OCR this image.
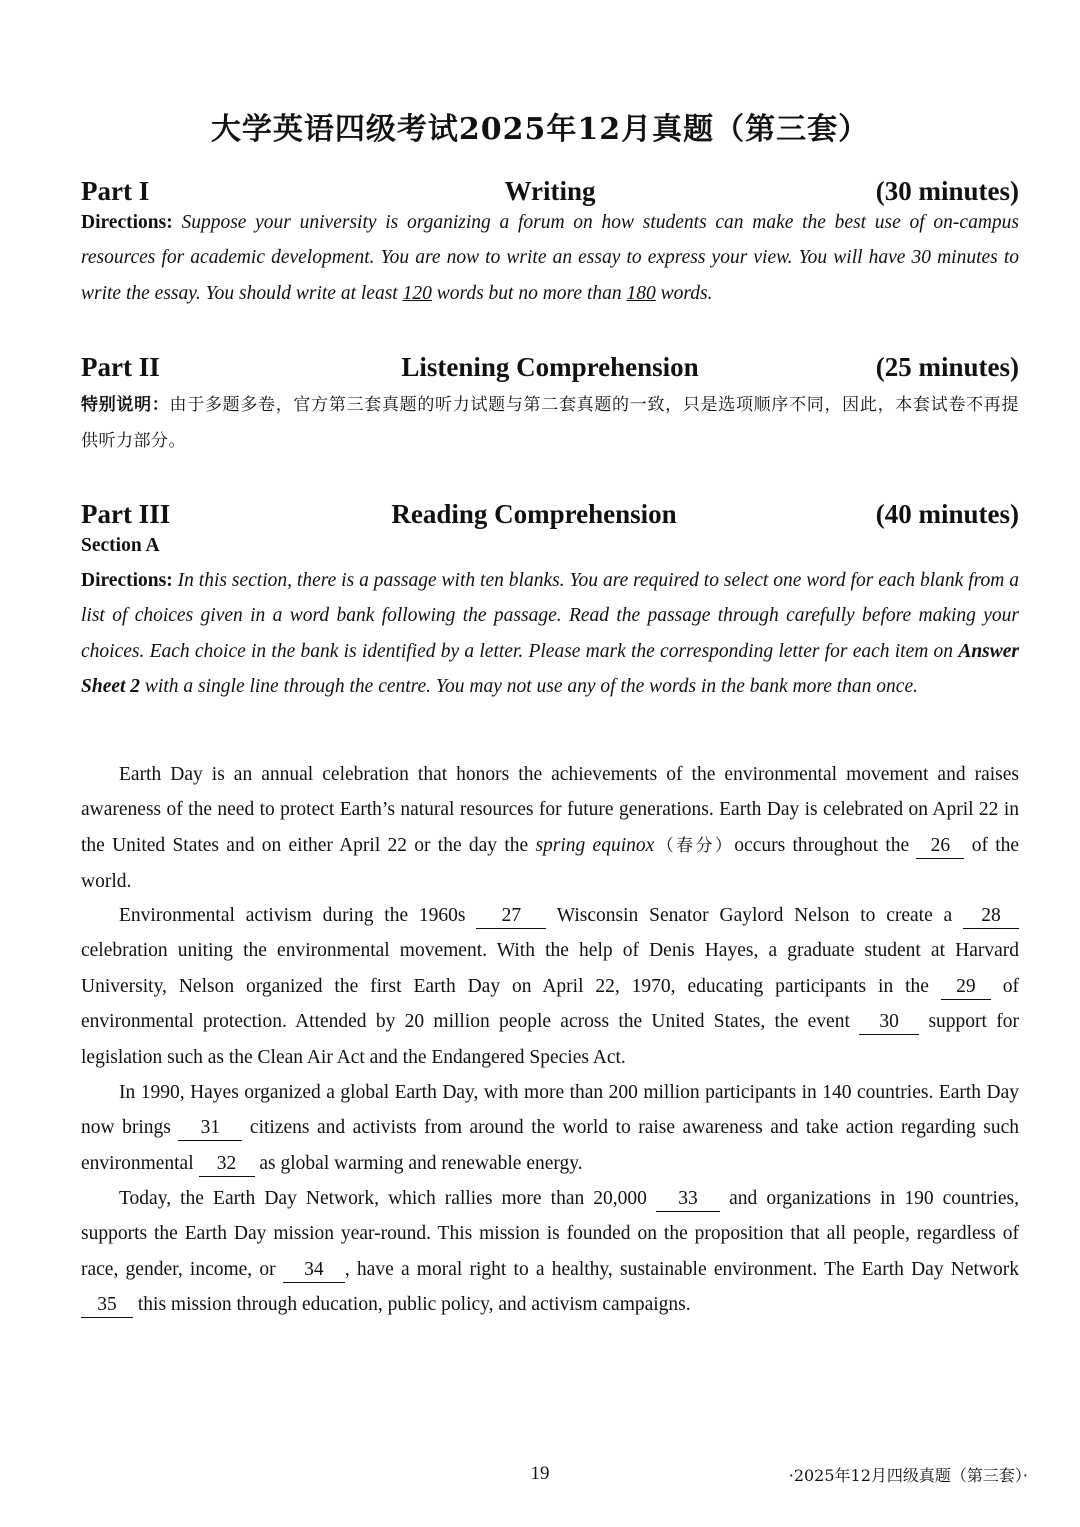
大学英语四级考试2025年12月真题（第三套）
Part I	Writing	(30 minutes)
Directions: Suppose your university is organizing a forum on how students can make the best use of on-campus resources for academic development. You are now to write an essay to express your view. You will have 30 minutes to write the essay. You should write at least 120 words but no more than 180 words.
Part II	Listening Comprehension	(25 minutes)
特别说明：由于多题多卷，官方第三套真题的听力试题与第二套真题的一致，只是选项顺序不同，因此，本套试卷不再提供听力部分。
Part III	Reading Comprehension	(40 minutes)
Section A
Directions: In this section, there is a passage with ten blanks. You are required to select one word for each blank from a list of choices given in a word bank following the passage. Read the passage through carefully before making your choices. Each choice in the bank is identified by a letter. Please mark the corresponding letter for each item on Answer Sheet 2 with a single line through the centre. You may not use any of the words in the bank more than once.
Earth Day is an annual celebration that honors the achievements of the environmental movement and raises awareness of the need to protect Earth’s natural resources for future generations. Earth Day is celebrated on April 22 in the United States and on either April 22 or the day the spring equinox（春分）occurs throughout the 26 of the world.
Environmental activism during the 1960s 27 Wisconsin Senator Gaylord Nelson to create a 28 celebration uniting the environmental movement. With the help of Denis Hayes, a graduate student at Harvard University, Nelson organized the first Earth Day on April 22, 1970, educating participants in the 29 of environmental protection. Attended by 20 million people across the United States, the event 30 support for legislation such as the Clean Air Act and the Endangered Species Act.
In 1990, Hayes organized a global Earth Day, with more than 200 million participants in 140 countries. Earth Day now brings 31 citizens and activists from around the world to raise awareness and take action regarding such environmental 32 as global warming and renewable energy.
Today, the Earth Day Network, which rallies more than 20,000 33 and organizations in 190 countries, supports the Earth Day mission year-round. This mission is founded on the proposition that all people, regardless of race, gender, income, or 34 , have a moral right to a healthy, sustainable environment. The Earth Day Network 35 this mission through education, public policy, and activism campaigns.
19	·2025年12月四级真题（第三套）·
